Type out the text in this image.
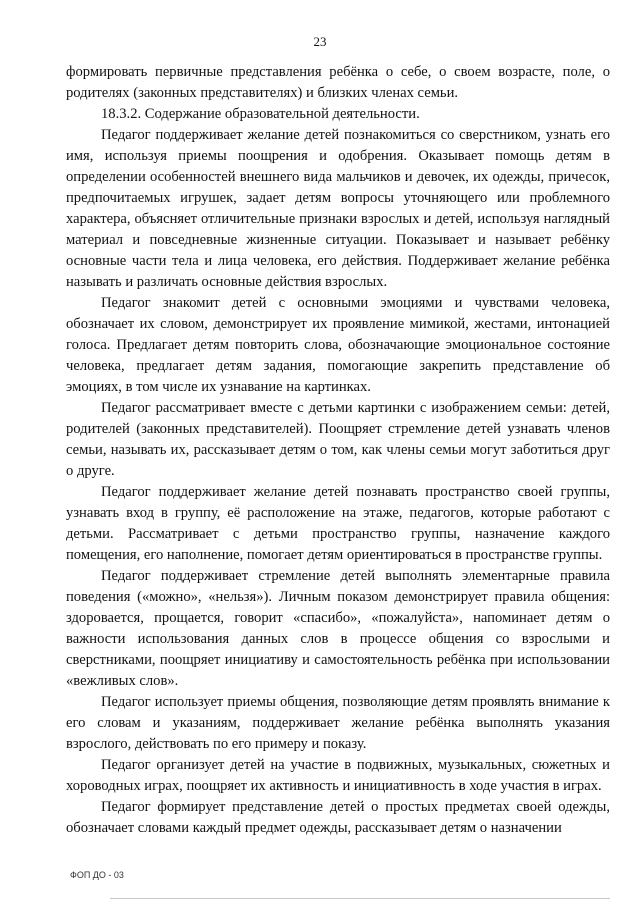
23

формировать первичные представления ребёнка о себе, о своем возрасте, поле, о родителях (законных представителях) и близких членах семьи.

18.3.2. Содержание образовательной деятельности.

Педагог поддерживает желание детей познакомиться со сверстником, узнать его имя, используя приемы поощрения и одобрения. Оказывает помощь детям в определении особенностей внешнего вида мальчиков и девочек, их одежды, причесок, предпочитаемых игрушек, задает детям вопросы уточняющего или проблемного характера, объясняет отличительные признаки взрослых и детей, используя наглядный материал и повседневные жизненные ситуации. Показывает и называет ребёнку основные части тела и лица человека, его действия. Поддерживает желание ребёнка называть и различать основные действия взрослых.

Педагог знакомит детей с основными эмоциями и чувствами человека, обозначает их словом, демонстрирует их проявление мимикой, жестами, интонацией голоса. Предлагает детям повторить слова, обозначающие эмоциональное состояние человека, предлагает детям задания, помогающие закрепить представление об эмоциях, в том числе их узнавание на картинках.

Педагог рассматривает вместе с детьми картинки с изображением семьи: детей, родителей (законных представителей). Поощряет стремление детей узнавать членов семьи, называть их, рассказывает детям о том, как члены семьи могут заботиться друг о друге.

Педагог поддерживает желание детей познавать пространство своей группы, узнавать вход в группу, её расположение на этаже, педагогов, которые работают с детьми. Рассматривает с детьми пространство группы, назначение каждого помещения, его наполнение, помогает детям ориентироваться в пространстве группы.

Педагог поддерживает стремление детей выполнять элементарные правила поведения («можно», «нельзя»). Личным показом демонстрирует правила общения: здоровается, прощается, говорит «спасибо», «пожалуйста», напоминает детям о важности использования данных слов в процессе общения со взрослыми и сверстниками, поощряет инициативу и самостоятельность ребёнка при использовании «вежливых слов».

Педагог использует приемы общения, позволяющие детям проявлять внимание к его словам и указаниям, поддерживает желание ребёнка выполнять указания взрослого, действовать по его примеру и показу.

Педагог организует детей на участие в подвижных, музыкальных, сюжетных и хороводных играх, поощряет их активность и инициативность в ходе участия в играх.

Педагог формирует представление детей о простых предметах своей одежды, обозначает словами каждый предмет одежды, рассказывает детям о назначении

ФОП ДО - 03
